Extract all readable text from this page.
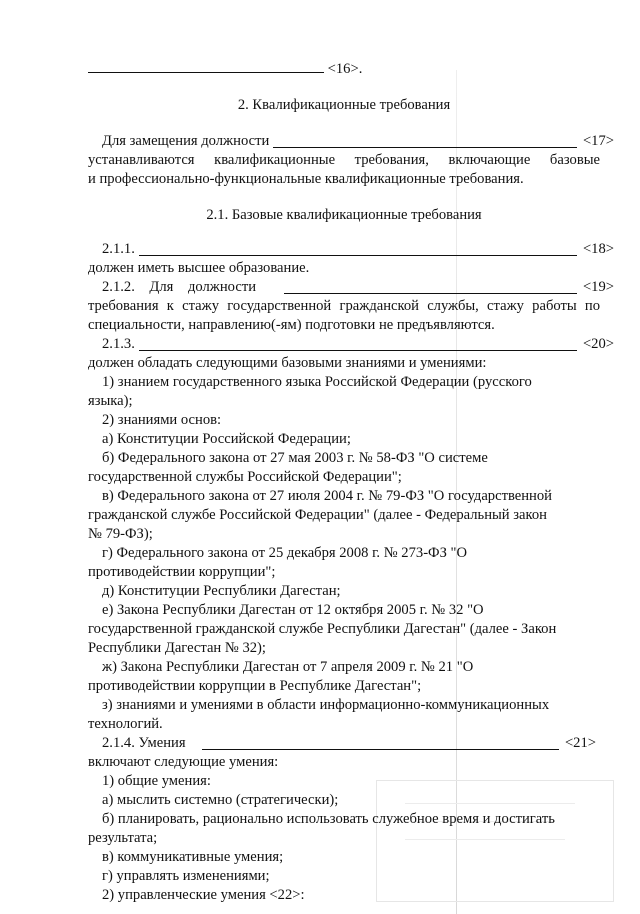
<16>.
2. Квалификационные требования
Для замещения должности	<17>
устанавливаются квалификационные требования, включающие базовые
и профессионально-функциональные квалификационные требования.
2.1. Базовые квалификационные требования
2.1.1.	<18>
должен иметь высшее образование.
2.1.2.    Для    должности	<19>
требования к стажу государственной гражданской службы, стажу работы по
специальности, направлению(-ям) подготовки не предъявляются.
2.1.3.	<20>
должен обладать следующими базовыми знаниями и умениями:
1) знанием государственного языка Российской Федерации (русского
языка);
2) знаниями основ:
а) Конституции Российской Федерации;
б) Федерального закона от 27 мая 2003 г. № 58-ФЗ "О системе
государственной службы Российской Федерации";
в) Федерального закона от 27 июля 2004 г. № 79-ФЗ "О государственной
гражданской службе Российской Федерации" (далее - Федеральный закон
№ 79-ФЗ);
г) Федерального закона от 25 декабря 2008 г. № 273-ФЗ "О
противодействии коррупции";
д) Конституции Республики Дагестан;
е) Закона Республики Дагестан от 12 октября 2005 г. № 32 "О
государственной гражданской службе Республики Дагестан" (далее - Закон
Республики Дагестан № 32);
ж) Закона Республики Дагестан от 7 апреля 2009 г. № 21 "О
противодействии коррупции в Республике Дагестан";
з) знаниями и умениями в области информационно-коммуникационных
технологий.
2.1.4. Умения	<21>
включают следующие умения:
1) общие умения:
а) мыслить системно (стратегически);
б) планировать, рационально использовать служебное время и достигать
результата;
в) коммуникативные умения;
г) управлять изменениями;
2) управленческие умения <22>:
